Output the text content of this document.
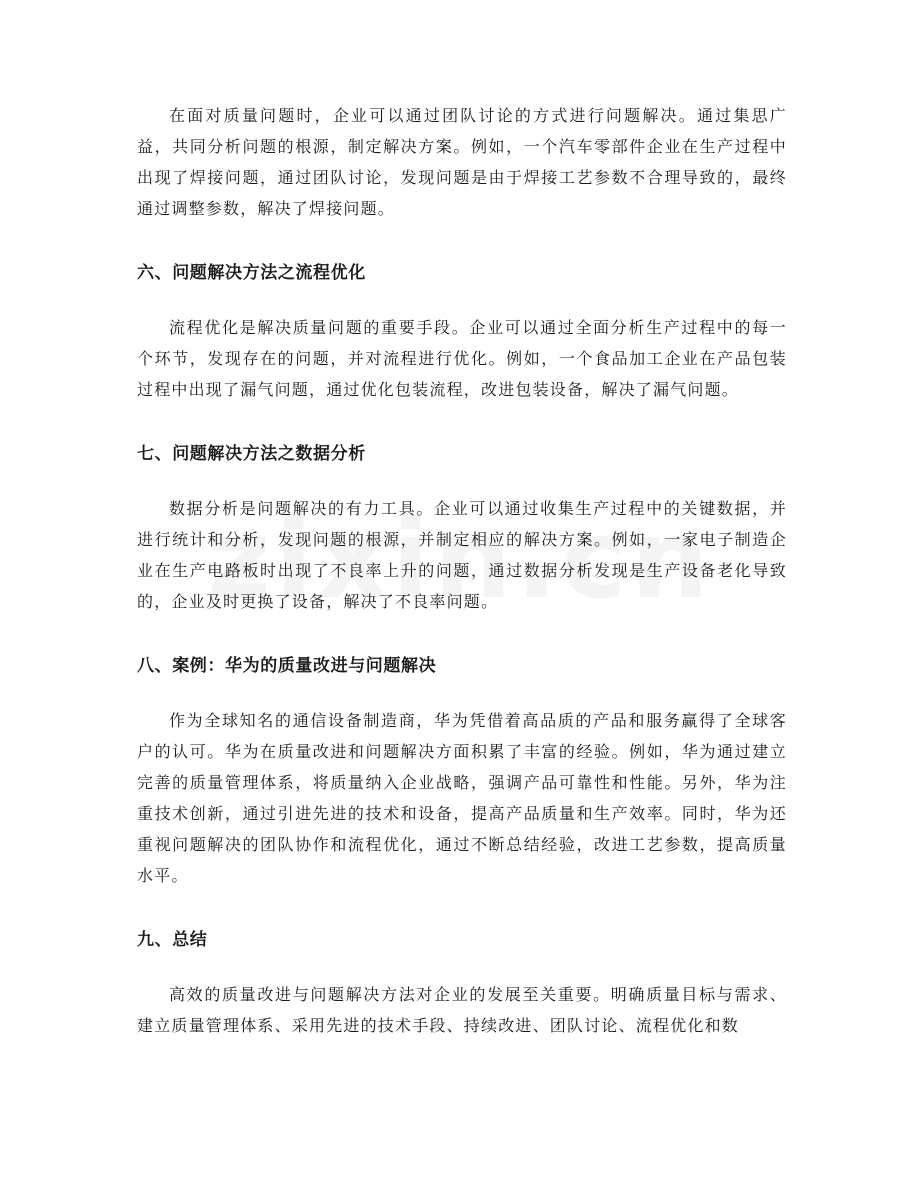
在面对质量问题时，企业可以通过团队讨论的方式进行问题解决。通过集思广益，共同分析问题的根源，制定解决方案。例如，一个汽车零部件企业在生产过程中出现了焊接问题，通过团队讨论，发现问题是由于焊接工艺参数不合理导致的，最终通过调整参数，解决了焊接问题。

六、问题解决方法之流程优化

流程优化是解决质量问题的重要手段。企业可以通过全面分析生产过程中的每一个环节，发现存在的问题，并对流程进行优化。例如，一个食品加工企业在产品包装过程中出现了漏气问题，通过优化包装流程，改进包装设备，解决了漏气问题。

七、问题解决方法之数据分析

数据分析是问题解决的有力工具。企业可以通过收集生产过程中的关键数据，并进行统计和分析，发现问题的根源，并制定相应的解决方案。例如，一家电子制造企业在生产电路板时出现了不良率上升的问题，通过数据分析发现是生产设备老化导致的，企业及时更换了设备，解决了不良率问题。

八、案例：华为的质量改进与问题解决

作为全球知名的通信设备制造商，华为凭借着高品质的产品和服务赢得了全球客户的认可。华为在质量改进和问题解决方面积累了丰富的经验。例如，华为通过建立完善的质量管理体系，将质量纳入企业战略，强调产品可靠性和性能。另外，华为注重技术创新，通过引进先进的技术和设备，提高产品质量和生产效率。同时，华为还重视问题解决的团队协作和流程优化，通过不断总结经验，改进工艺参数，提高质量水平。

九、总结

高效的质量改进与问题解决方法对企业的发展至关重要。明确质量目标与需求、建立质量管理体系、采用先进的技术手段、持续改进、团队讨论、流程优化和数
